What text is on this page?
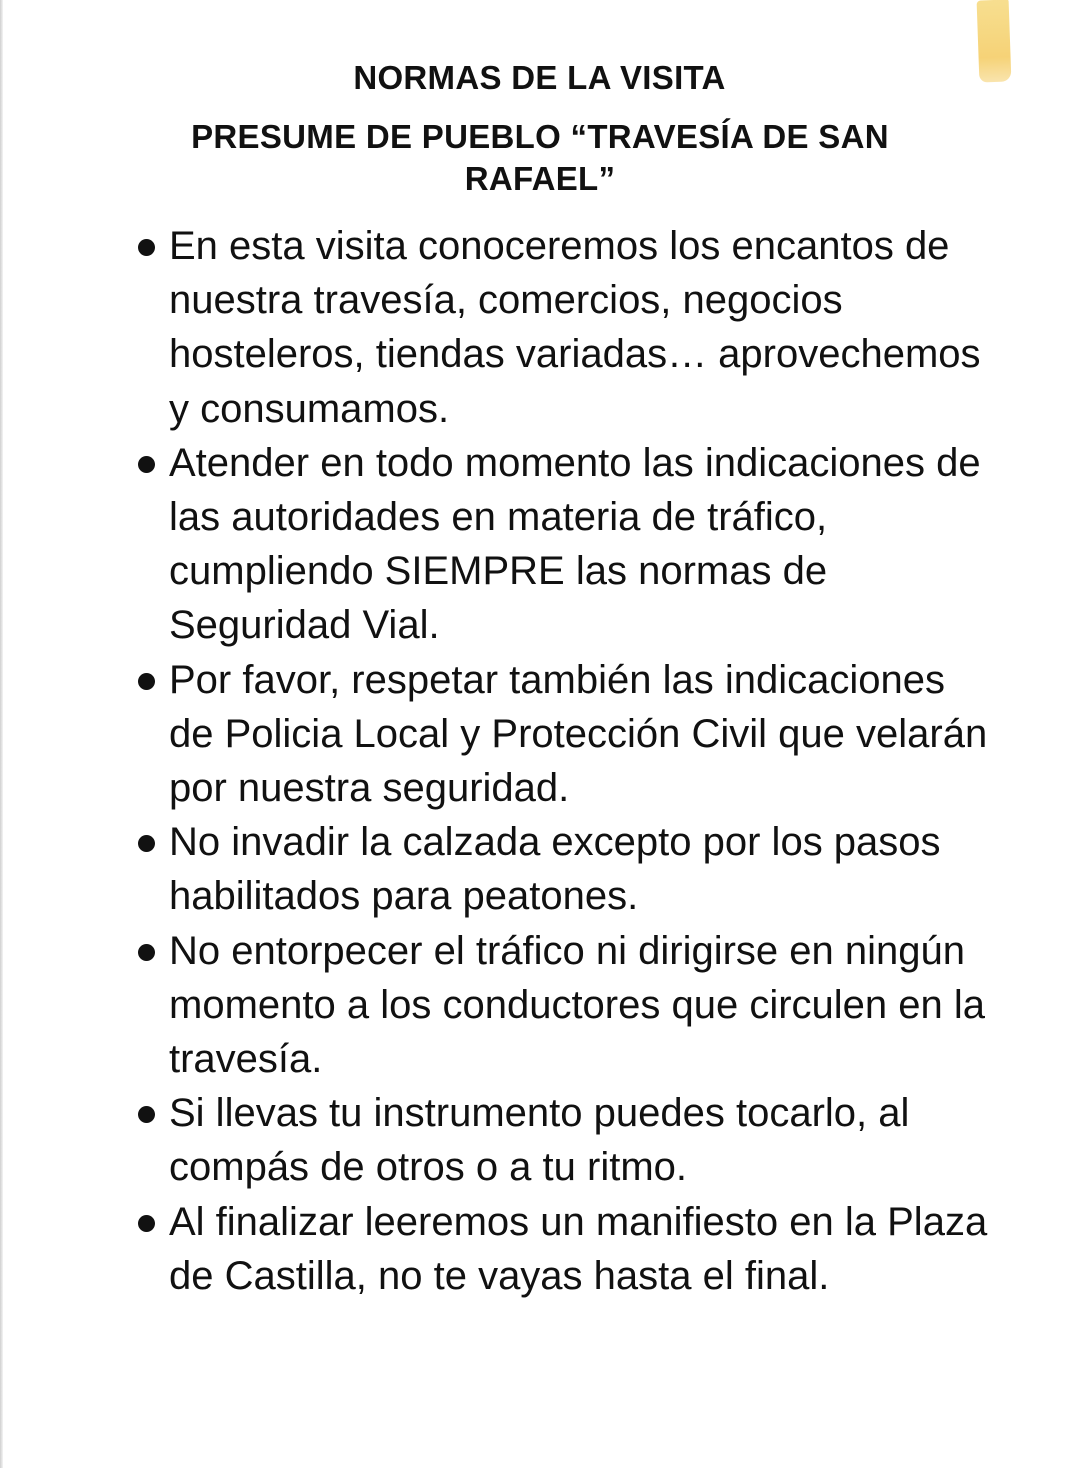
NORMAS DE LA VISITA
PRESUME DE PUEBLO “TRAVESÍA DE SAN RAFAEL”
En esta visita conoceremos los encantos de nuestra travesía, comercios, negocios hosteleros, tiendas variadas… aprovechemos y consumamos.
Atender en todo momento las indicaciones de las autoridades en materia de tráfico, cumpliendo SIEMPRE las normas de Seguridad Vial.
Por favor, respetar también las indicaciones de Policia Local y Protección Civil que velarán por nuestra seguridad.
No invadir la calzada excepto por los pasos habilitados para peatones.
No entorpecer el tráfico ni dirigirse en ningún momento a los conductores que circulen en la travesía.
Si llevas tu instrumento puedes tocarlo, al compás de otros o a tu ritmo.
Al finalizar leeremos un manifiesto en la Plaza de Castilla, no te vayas hasta el final.
